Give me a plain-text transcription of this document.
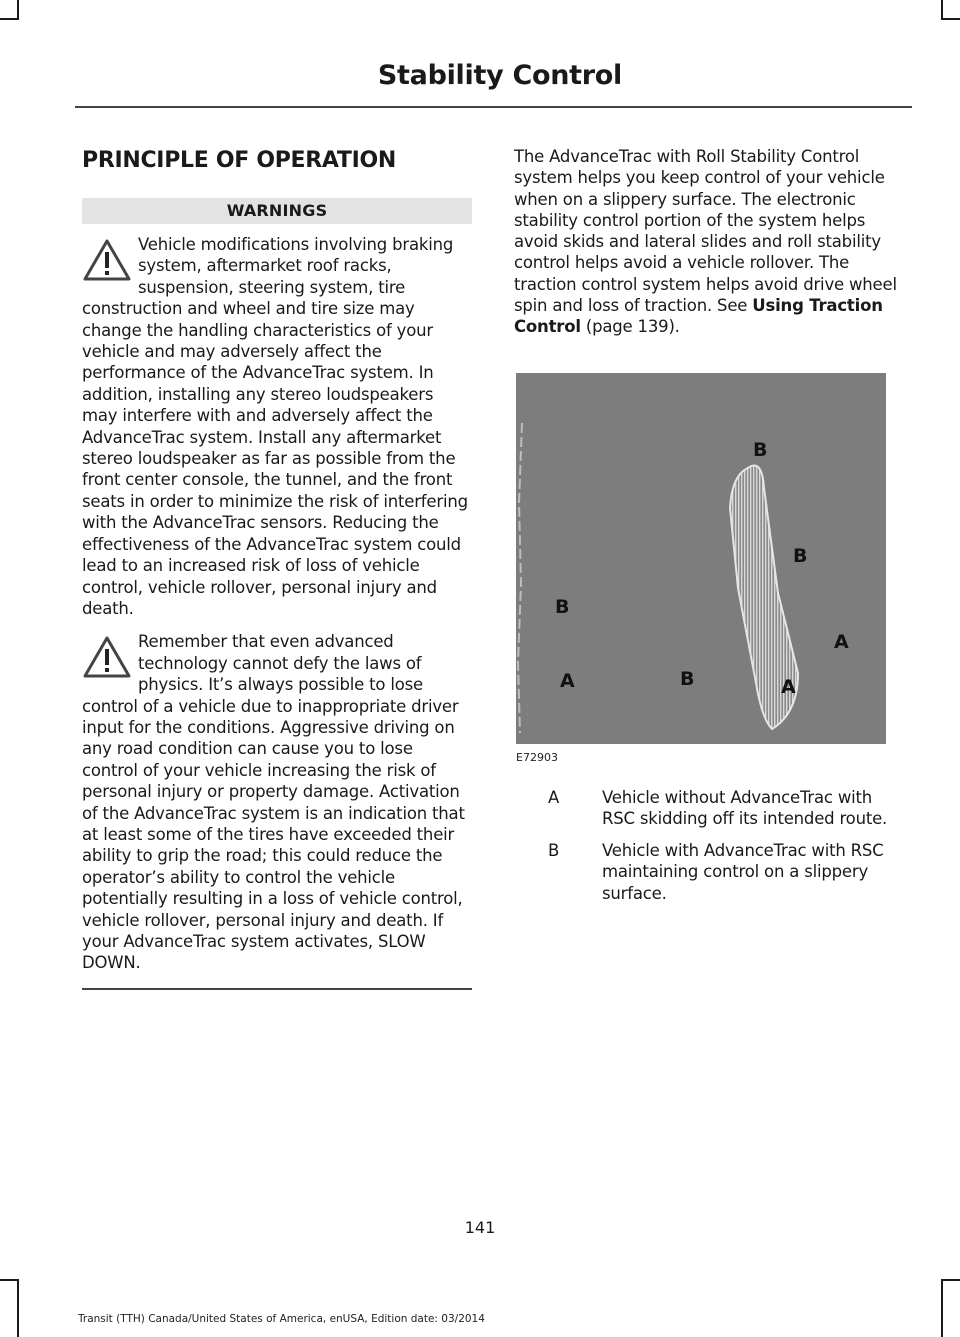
Stability Control
PRINCIPLE OF OPERATION
WARNINGS

Vehicle modifications involving braking system, aftermarket roof racks, suspension, steering system, tire construction and wheel and tire size may change the handling characteristics of your vehicle and may adversely affect the performance of the AdvanceTrac system. In addition, installing any stereo loudspeakers may interfere with and adversely affect the AdvanceTrac system. Install any aftermarket stereo loudspeaker as far as possible from the front center console, the tunnel, and the front seats in order to minimize the risk of interfering with the AdvanceTrac sensors. Reducing the effectiveness of the AdvanceTrac system could lead to an increased risk of loss of vehicle control, vehicle rollover, personal injury and death.

Remember that even advanced technology cannot defy the laws of physics. It’s always possible to lose control of a vehicle due to inappropriate driver input for the conditions. Aggressive driving on any road condition can cause you to lose control of your vehicle increasing the risk of personal injury or property damage. Activation of the AdvanceTrac system is an indication that at least some of the tires have exceeded their ability to grip the road; this could reduce the operator’s ability to control the vehicle potentially resulting in a loss of vehicle control, vehicle rollover, personal injury and death. If your AdvanceTrac system activates, SLOW DOWN.

The AdvanceTrac with Roll Stability Control system helps you keep control of your vehicle when on a slippery surface. The electronic stability control portion of the system helps avoid skids and lateral slides and roll stability control helps avoid a vehicle rollover. The traction control system helps avoid drive wheel spin and loss of traction. See Using Traction Control (page 139).

B
B
B
A
A	B	A
E72903
A	Vehicle without AdvanceTrac with RSC skidding off its intended route.
B	Vehicle with AdvanceTrac with RSC maintaining control on a slippery surface.
141
Transit (TTH) Canada/United States of America, enUSA, Edition date: 03/2014
